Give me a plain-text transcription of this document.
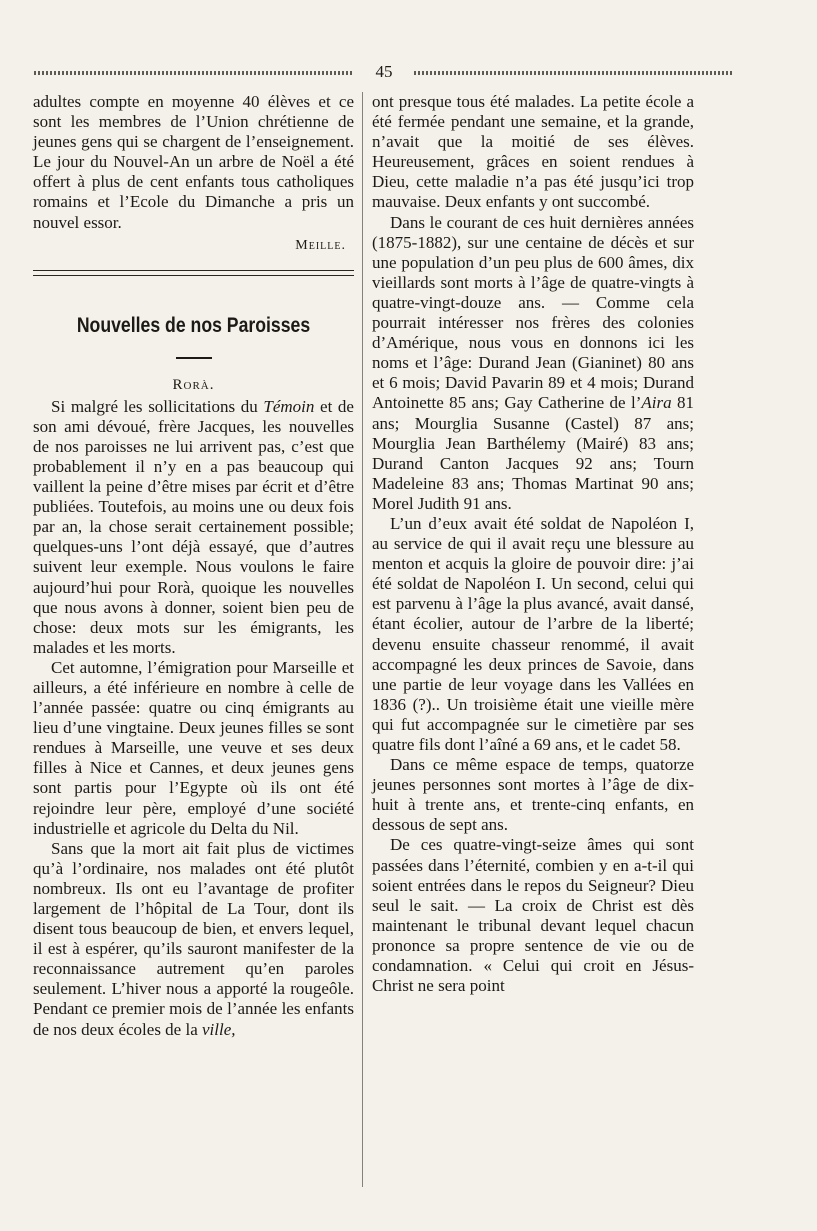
45

adultes compte en moyenne 40 élèves et ce sont les membres de l’Union chrétienne de jeunes gens qui se chargent de l’enseignement. Le jour du Nouvel-An un arbre de Noël a été offert à plus de cent enfants tous catholiques romains et l’Ecole du Dimanche a pris un nouvel essor.

Meille.
Nouvelles de nos Paroisses
Rorà.

Si malgré les sollicitations du Témoin et de son ami dévoué, frère Jacques, les nouvelles de nos paroisses ne lui arrivent pas, c’est que probablement il n’y en a pas beaucoup qui vaillent la peine d’être mises par écrit et d’être publiées. Toutefois, au moins une ou deux fois par an, la chose serait certainement possible; quelques-uns l’ont déjà essayé, que d’autres suivent leur exemple. Nous voulons le faire aujourd’hui pour Rorà, quoique les nouvelles que nous avons à donner, soient bien peu de chose: deux mots sur les émigrants, les malades et les morts.

Cet automne, l’émigration pour Marseille et ailleurs, a été inférieure en nombre à celle de l’année passée: quatre ou cinq émigrants au lieu d’une vingtaine. Deux jeunes filles se sont rendues à Marseille, une veuve et ses deux filles à Nice et Cannes, et deux jeunes gens sont partis pour l’Egypte où ils ont été rejoindre leur père, employé d’une société industrielle et agricole du Delta du Nil.

Sans que la mort ait fait plus de victimes qu’à l’ordinaire, nos malades ont été plutôt nombreux. Ils ont eu l’avantage de profiter largement de l’hôpital de La Tour, dont ils disent tous beaucoup de bien, et envers lequel, il est à espérer, qu’ils sauront manifester de la reconnaissance autrement qu’en paroles seulement. L’hiver nous a apporté la rougeôle. Pendant ce premier mois de l’année les enfants de nos deux écoles de la ville,

ont presque tous été malades. La petite école a été fermée pendant une semaine, et la grande, n’avait que la moitié de ses élèves. Heureusement, grâces en soient rendues à Dieu, cette maladie n’a pas été jusqu’ici trop mauvaise. Deux enfants y ont succombé.

Dans le courant de ces huit dernières années (1875-1882), sur une centaine de décès et sur une population d’un peu plus de 600 âmes, dix vieillards sont morts à l’âge de quatre-vingts à quatre-vingt-douze ans. — Comme cela pourrait intéresser nos frères des colonies d’Amérique, nous vous en donnons ici les noms et l’âge: Durand Jean (Gianinet) 80 ans et 6 mois; David Pavarin 89 et 4 mois; Durand Antoinette 85 ans; Gay Catherine de l’Aira 81 ans; Mourglia Susanne (Castel) 87 ans; Mourglia Jean Barthélemy (Mairé) 83 ans; Durand Canton Jacques 92 ans; Tourn Madeleine 83 ans; Thomas Martinat 90 ans; Morel Judith 91 ans.

L’un d’eux avait été soldat de Napoléon I, au service de qui il avait reçu une blessure au menton et acquis la gloire de pouvoir dire: j’ai été soldat de Napoléon I. Un second, celui qui est parvenu à l’âge la plus avancé, avait dansé, étant écolier, autour de l’arbre de la liberté; devenu ensuite chasseur renommé, il avait accompagné les deux princes de Savoie, dans une partie de leur voyage dans les Vallées en 1836 (?).. Un troisième était une vieille mère qui fut accompagnée sur le cimetière par ses quatre fils dont l’aîné a 69 ans, et le cadet 58.

Dans ce même espace de temps, quatorze jeunes personnes sont mortes à l’âge de dix-huit à trente ans, et trente-cinq enfants, en dessous de sept ans.

De ces quatre-vingt-seize âmes qui sont passées dans l’éternité, combien y en a-t-il qui soient entrées dans le repos du Seigneur? Dieu seul le sait. — La croix de Christ est dès maintenant le tribunal devant lequel chacun prononce sa propre sentence de vie ou de condamnation. « Celui qui croit en Jésus-Christ ne sera point
